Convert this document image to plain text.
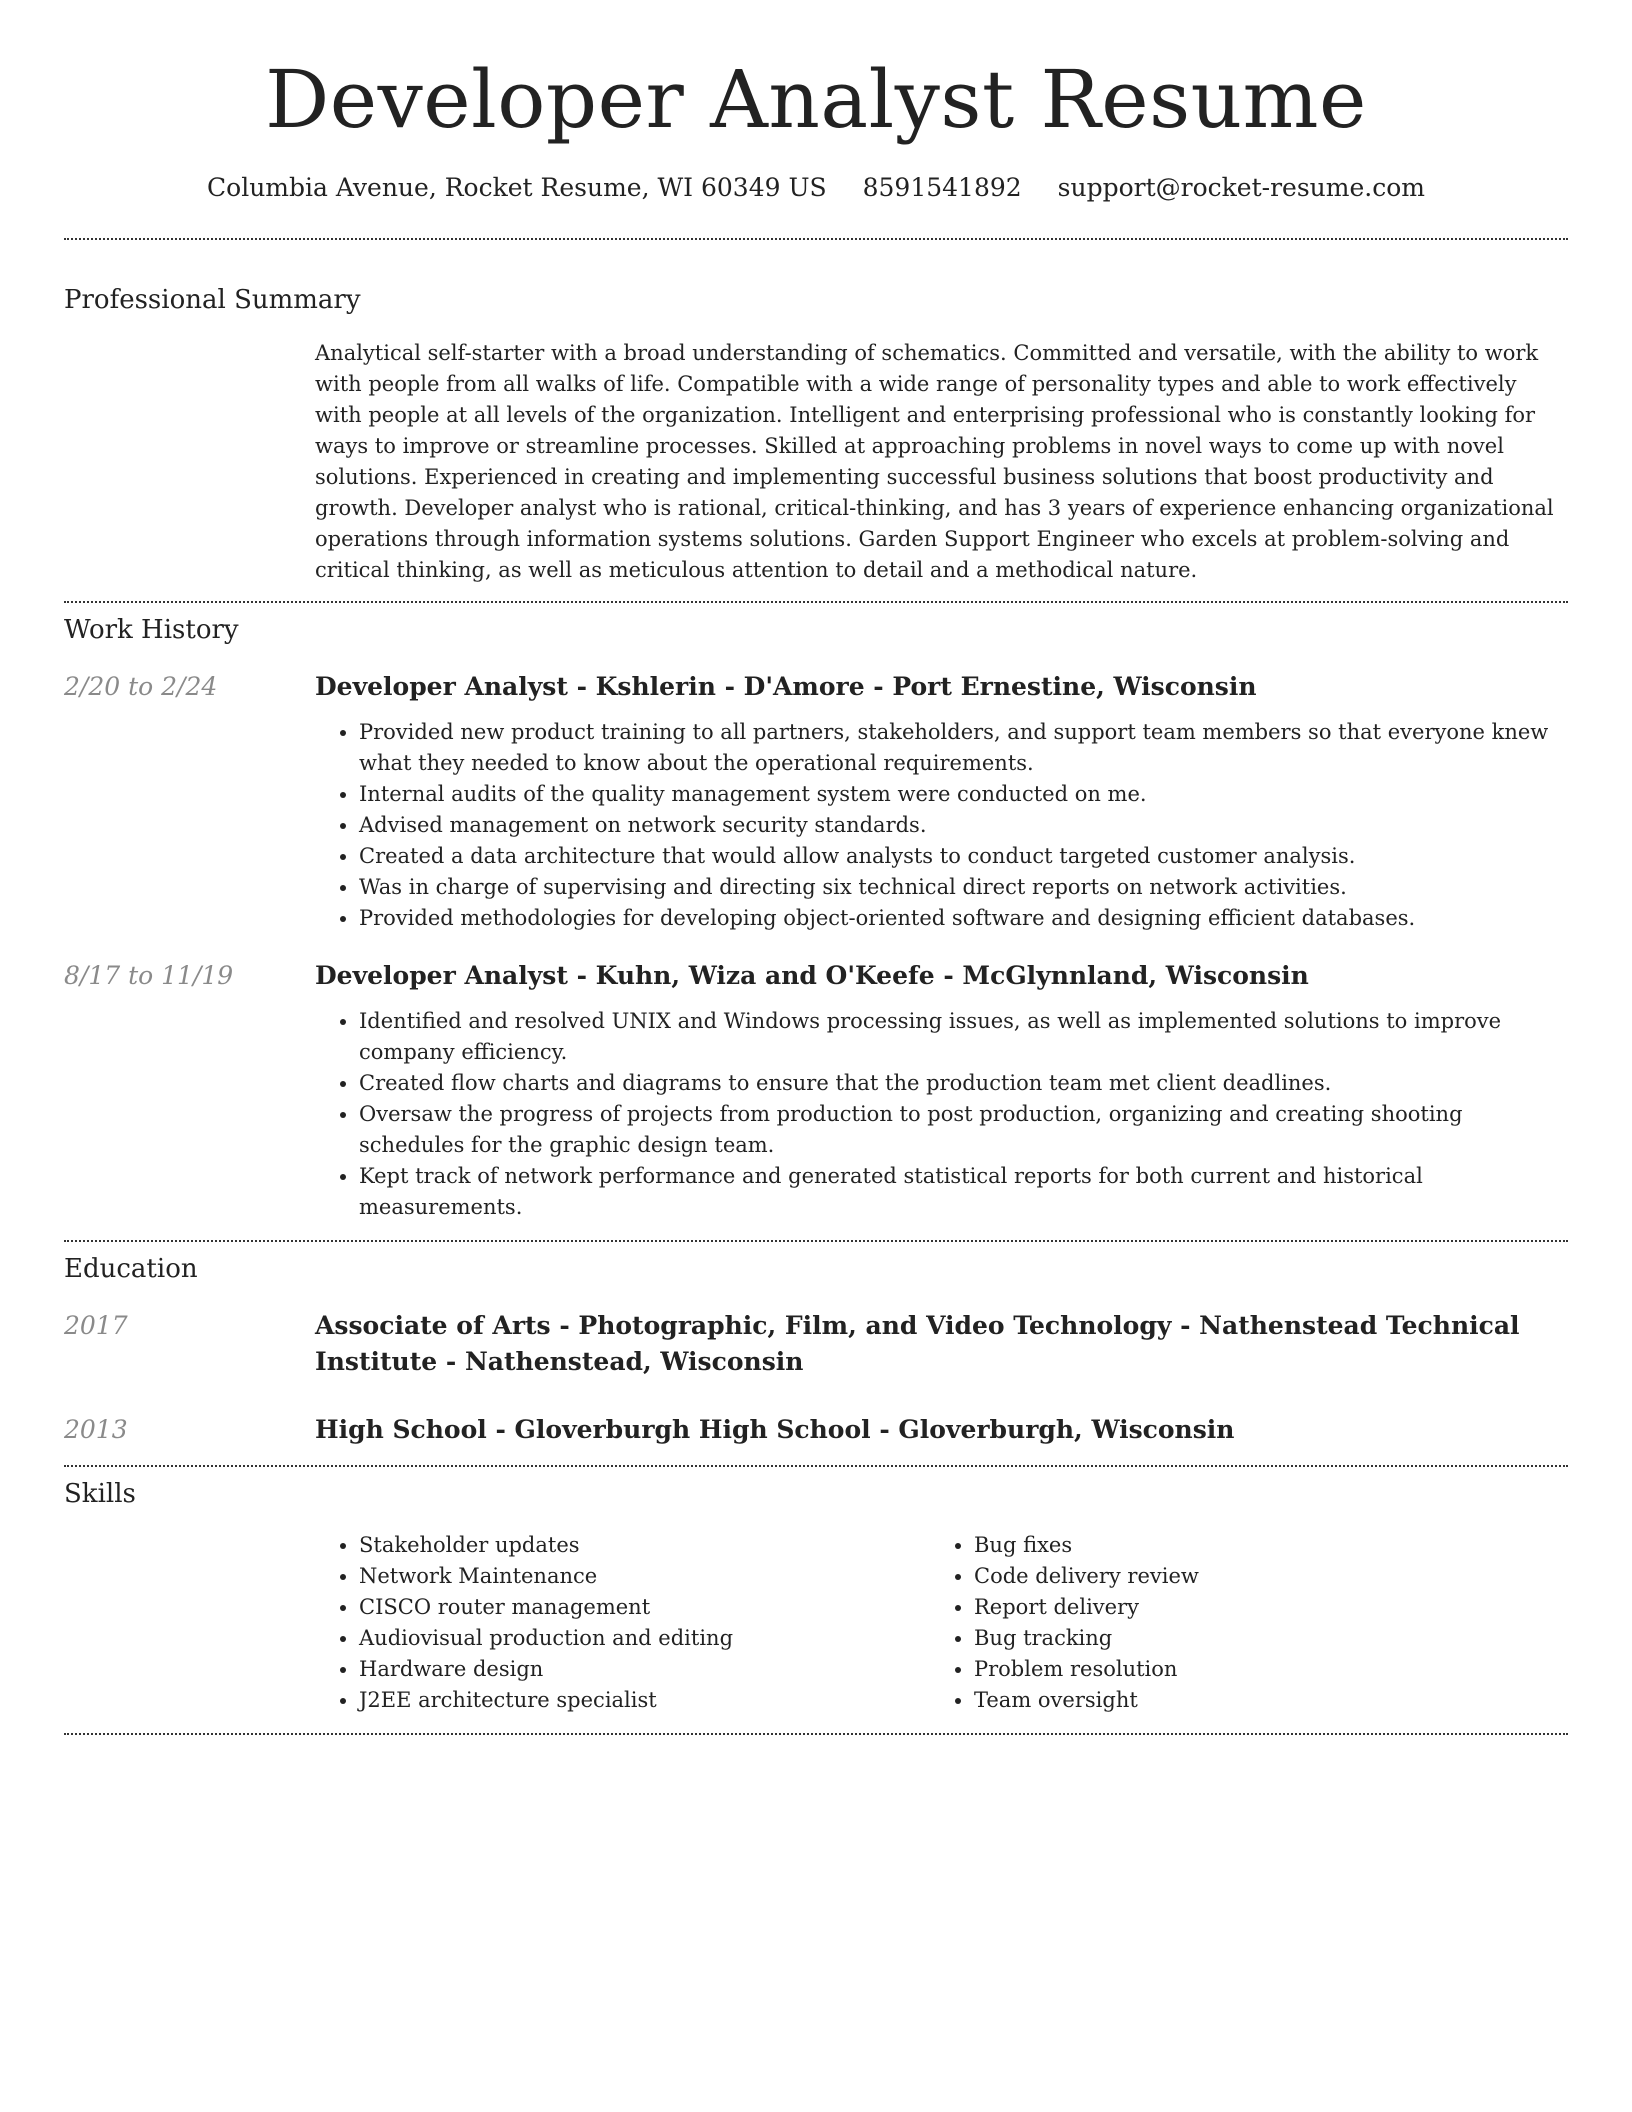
Developer Analyst Resume
Columbia Avenue, Rocket Resume, WI 60349 US 8591541892 support@rocket-resume.com
Professional Summary

Analytical self-starter with a broad understanding of schematics. Committed and versatile, with the ability to work with people from all walks of life. Compatible with a wide range of personality types and able to work effectively with people at all levels of the organization. Intelligent and enterprising professional who is constantly looking for ways to improve or streamline processes. Skilled at approaching problems in novel ways to come up with novel solutions. Experienced in creating and implementing successful business solutions that boost productivity and growth. Developer analyst who is rational, critical-thinking, and has 3 years of experience enhancing organizational operations through information systems solutions. Garden Support Engineer who excels at problem-solving and critical thinking, as well as meticulous attention to detail and a methodical nature.

Work History
2/20 to 2/24	Developer Analyst - Kshlerin - D'Amore - Port Ernestine, Wisconsin
• Provided new product training to all partners, stakeholders, and support team members so that everyone knew what they needed to know about the operational requirements.
• Internal audits of the quality management system were conducted on me.
• Advised management on network security standards.
• Created a data architecture that would allow analysts to conduct targeted customer analysis.
• Was in charge of supervising and directing six technical direct reports on network activities.
• Provided methodologies for developing object-oriented software and designing efficient databases.
8/17 to 11/19	Developer Analyst - Kuhn, Wiza and O'Keefe - McGlynnland, Wisconsin
• Identified and resolved UNIX and Windows processing issues, as well as implemented solutions to improve company efficiency.
• Created flow charts and diagrams to ensure that the production team met client deadlines.
• Oversaw the progress of projects from production to post production, organizing and creating shooting schedules for the graphic design team.
• Kept track of network performance and generated statistical reports for both current and historical measurements.
Education
2017	Associate of Arts - Photographic, Film, and Video Technology - Nathenstead Technical Institute - Nathenstead, Wisconsin
2013	High School - Gloverburgh High School - Gloverburgh, Wisconsin
Skills
• Stakeholder updates
• Network Maintenance
• CISCO router management
• Audiovisual production and editing
• Hardware design
• J2EE architecture specialist
• Bug fixes
• Code delivery review
• Report delivery
• Bug tracking
• Problem resolution
• Team oversight
